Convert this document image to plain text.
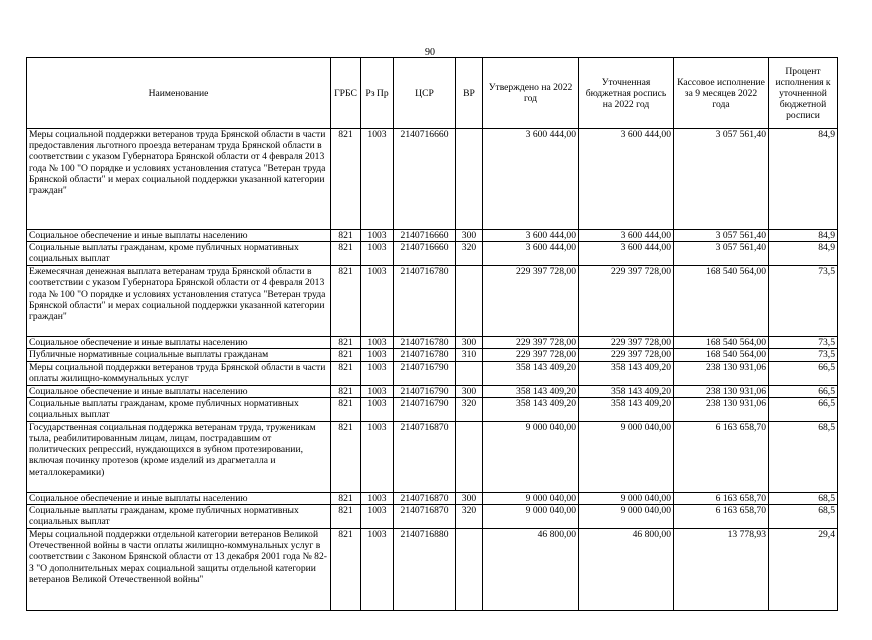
90
Наименование	ГРБС	Рз Пр	ЦСР	ВР	Утверждено на 2022 год	Уточненная бюджетная роспись на 2022 год	Кассовое исполнение за 9 месяцев 2022 года	Процент исполнения к уточненной бюджетной росписи
Меры социальной поддержки ветеранов труда Брянской области в части предоставления льготного проезда ветеранам труда Брянской области в соответствии с указом Губернатора Брянской области от 4 февраля 2013 года № 100 "О порядке и условиях установления статуса "Ветеран труда Брянской области" и мерах социальной поддержки указанной категории граждан"	821	1003	2140716660		3 600 444,00	3 600 444,00	3 057 561,40	84,9
Социальное обеспечение и иные выплаты населению	821	1003	2140716660	300	3 600 444,00	3 600 444,00	3 057 561,40	84,9
Социальные выплаты гражданам, кроме публичных нормативных социальных выплат	821	1003	2140716660	320	3 600 444,00	3 600 444,00	3 057 561,40	84,9
Ежемесячная денежная выплата ветеранам труда Брянской области в соответствии с указом Губернатора Брянской области от 4 февраля 2013 года № 100 "О порядке и условиях установления статуса "Ветеран труда Брянской области" и мерах социальной поддержки указанной категории граждан"	821	1003	2140716780		229 397 728,00	229 397 728,00	168 540 564,00	73,5
Социальное обеспечение и иные выплаты населению	821	1003	2140716780	300	229 397 728,00	229 397 728,00	168 540 564,00	73,5
Публичные нормативные социальные выплаты гражданам	821	1003	2140716780	310	229 397 728,00	229 397 728,00	168 540 564,00	73,5
Меры социальной поддержки ветеранов труда Брянской области в части оплаты жилищно-коммунальных услуг	821	1003	2140716790		358 143 409,20	358 143 409,20	238 130 931,06	66,5
Социальное обеспечение и иные выплаты населению	821	1003	2140716790	300	358 143 409,20	358 143 409,20	238 130 931,06	66,5
Социальные выплаты гражданам, кроме публичных нормативных социальных выплат	821	1003	2140716790	320	358 143 409,20	358 143 409,20	238 130 931,06	66,5
Государственная социальная поддержка ветеранам труда, труженикам тыла, реабилитированным лицам, лицам, пострадавшим от политических репрессий, нуждающихся в зубном протезировании, включая починку протезов (кроме изделий из драгметалла и металлокерамики)	821	1003	2140716870		9 000 040,00	9 000 040,00	6 163 658,70	68,5
Социальное обеспечение и иные выплаты населению	821	1003	2140716870	300	9 000 040,00	9 000 040,00	6 163 658,70	68,5
Социальные выплаты гражданам, кроме публичных нормативных социальных выплат	821	1003	2140716870	320	9 000 040,00	9 000 040,00	6 163 658,70	68,5
Меры социальной поддержки отдельной категории ветеранов Великой Отечественной войны в части оплаты жилищно-коммунальных услуг в соответствии с Законом Брянской области от 13 декабря 2001 года № 82-З "О дополнительных мерах социальной защиты отдельной категории ветеранов Великой Отечественной войны"	821	1003	2140716880		46 800,00	46 800,00	13 778,93	29,4
